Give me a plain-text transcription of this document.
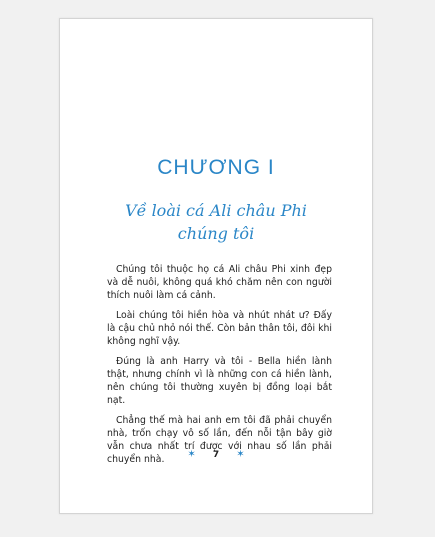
CHƯƠNG I
Về loài cá Ali châu Phi
chúng tôi

Chúng tôi thuộc họ cá Ali châu Phi xinh đẹp và dễ nuôi, không quá khó chăm nên con người thích nuôi làm cá cảnh.

Loài chúng tôi hiền hòa và nhút nhát ư? Đấy là cậu chủ nhỏ nói thế. Còn bản thân tôi, đôi khi không nghĩ vậy.

Đúng là anh Harry và tôi - Bella hiền lành thật, nhưng chính vì là những con cá hiền lành, nên chúng tôi thường xuyên bị đồng loại bắt nạt.

Chẳng thế mà hai anh em tôi đã phải chuyển nhà, trốn chạy vô số lần, đến nỗi tận bây giờ vẫn chưa nhất trí được với nhau số lần phải chuyển nhà.	✶ 7 ✶
